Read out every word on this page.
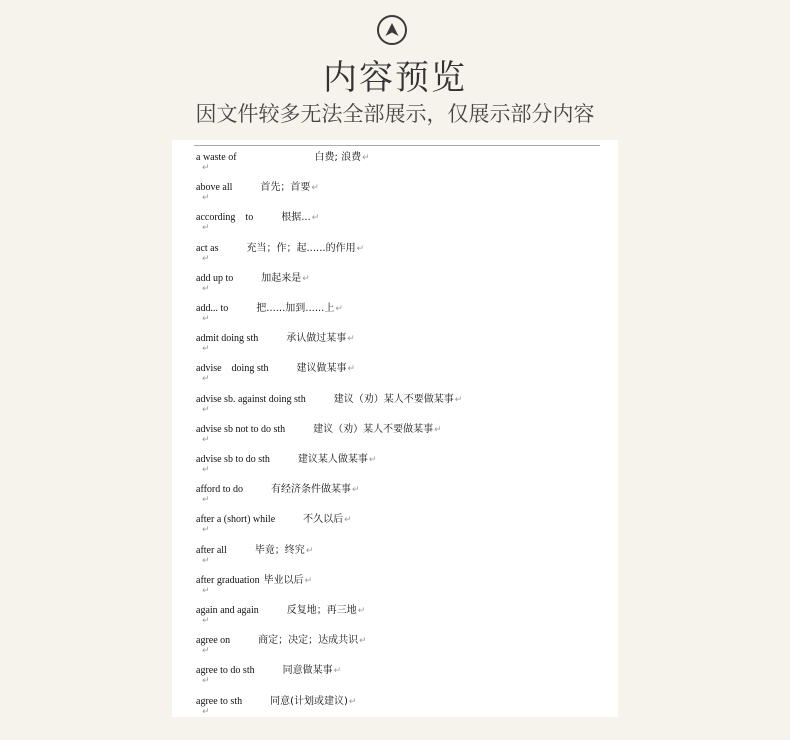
内容预览
因文件较多无法全部展示，仅展示部分内容
a waste of	白费; 浪费↵
↵
above all	首先；首要↵
↵
according    to	根据...↵
↵
act as	充当；作；起......的作用↵
↵
add up to	加起来是↵
↵
add... to	把......加到......上↵
↵
admit doing sth	承认做过某事↵
↵
advise    doing sth	建议做某事↵
↵
advise sb. against doing sth	建议（劝）某人不要做某事↵
↵
advise sb not to do sth	建议（劝）某人不要做某事↵
↵
advise sb to do sth	建议某人做某事↵
↵
afford to do	有经济条件做某事↵
↵
after a (short) while	不久以后↵
↵
after all	毕竟；终究↵
↵
after graduation 毕业以后↵
↵
again and again	反复地；再三地↵
↵
agree on	商定；决定；达成共识↵
↵
agree to do sth	同意做某事↵
↵
agree to sth	同意(计划或建议)↵
↵
